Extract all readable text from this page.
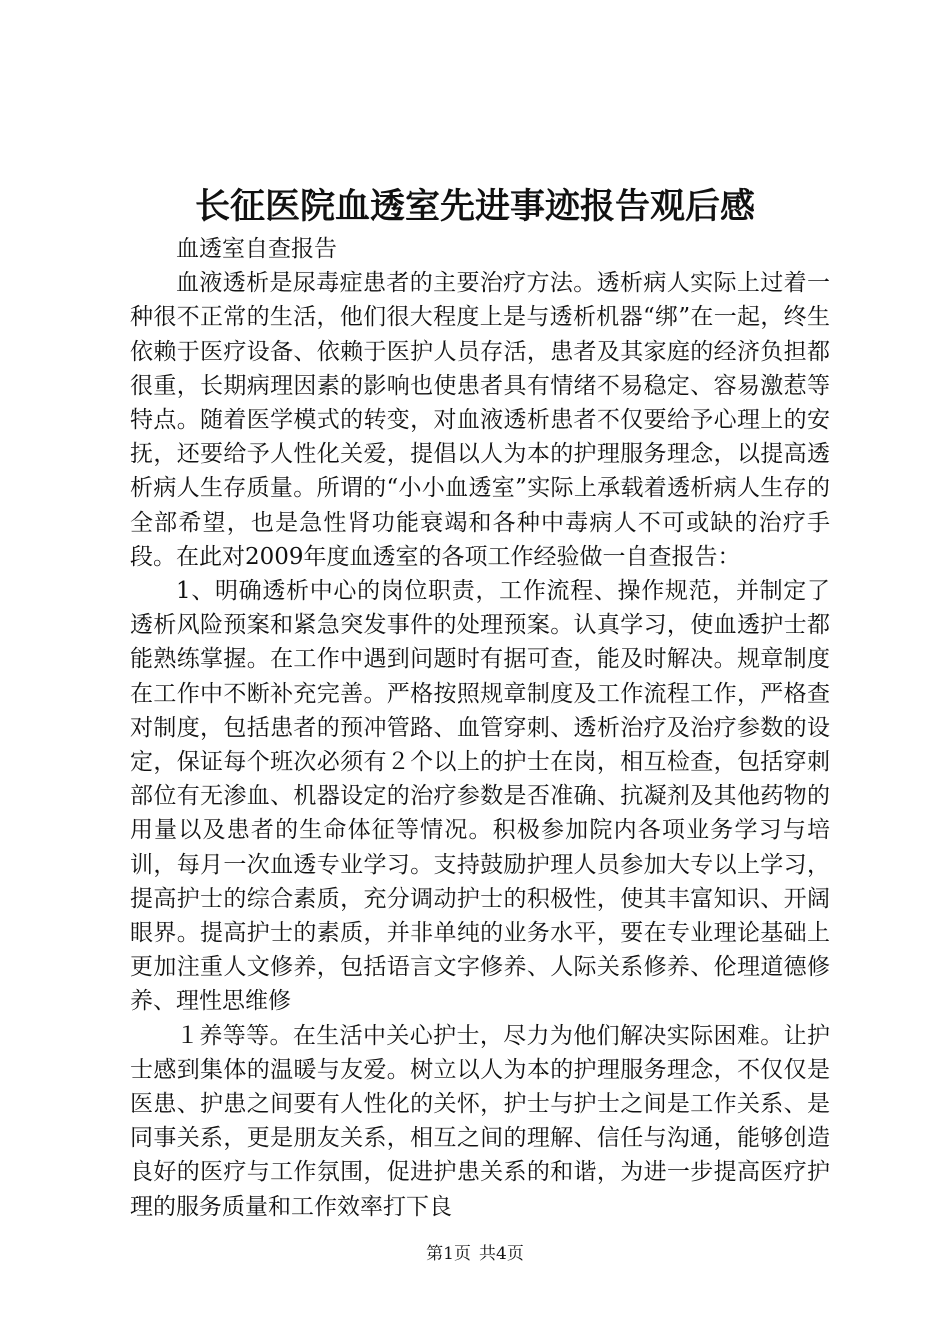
长征医院血透室先进事迹报告观后感

血透室自查报告

血液透析是尿毒症患者的主要治疗方法。透析病人实际上过着一种很不正常的生活，他们很大程度上是与透析机器“绑”在一起，终生依赖于医疗设备、依赖于医护人员存活，患者及其家庭的经济负担都很重，长期病理因素的影响也使患者具有情绪不易稳定、容易激惹等特点。随着医学模式的转变，对血液透析患者不仅要给予心理上的安抚，还要给予人性化关爱，提倡以人为本的护理服务理念，以提高透析病人生存质量。所谓的“小小血透室”实际上承载着透析病人生存的全部希望，也是急性肾功能衰竭和各种中毒病人不可或缺的治疗手段。在此对2009年度血透室的各项工作经验做一自查报告：

1、明确透析中心的岗位职责，工作流程、操作规范，并制定了透析风险预案和紧急突发事件的处理预案。认真学习，使血透护士都能熟练掌握。在工作中遇到问题时有据可查，能及时解决。规章制度在工作中不断补充完善。严格按照规章制度及工作流程工作，严格查对制度，包括患者的预冲管路、血管穿刺、透析治疗及治疗参数的设定，保证每个班次必须有２个以上的护士在岗，相互检查，包括穿刺部位有无渗血、机器设定的治疗参数是否准确、抗凝剂及其他药物的用量以及患者的生命体征等情况。积极参加院内各项业务学习与培训，每月一次血透专业学习。支持鼓励护理人员参加大专以上学习，提高护士的综合素质，充分调动护士的积极性，使其丰富知识、开阔眼界。提高护士的素质，并非单纯的业务水平，要在专业理论基础上更加注重人文修养，包括语言文字修养、人际关系修养、伦理道德修养、理性思维修

１养等等。在生活中关心护士，尽力为他们解决实际困难。让护士感到集体的温暖与友爱。树立以人为本的护理服务理念，不仅仅是医患、护患之间要有人性化的关怀，护士与护士之间是工作关系、是同事关系，更是朋友关系，相互之间的理解、信任与沟通，能够创造良好的医疗与工作氛围，促进护患关系的和谐，为进一步提高医疗护理的服务质量和工作效率打下良

第1页 共4页
